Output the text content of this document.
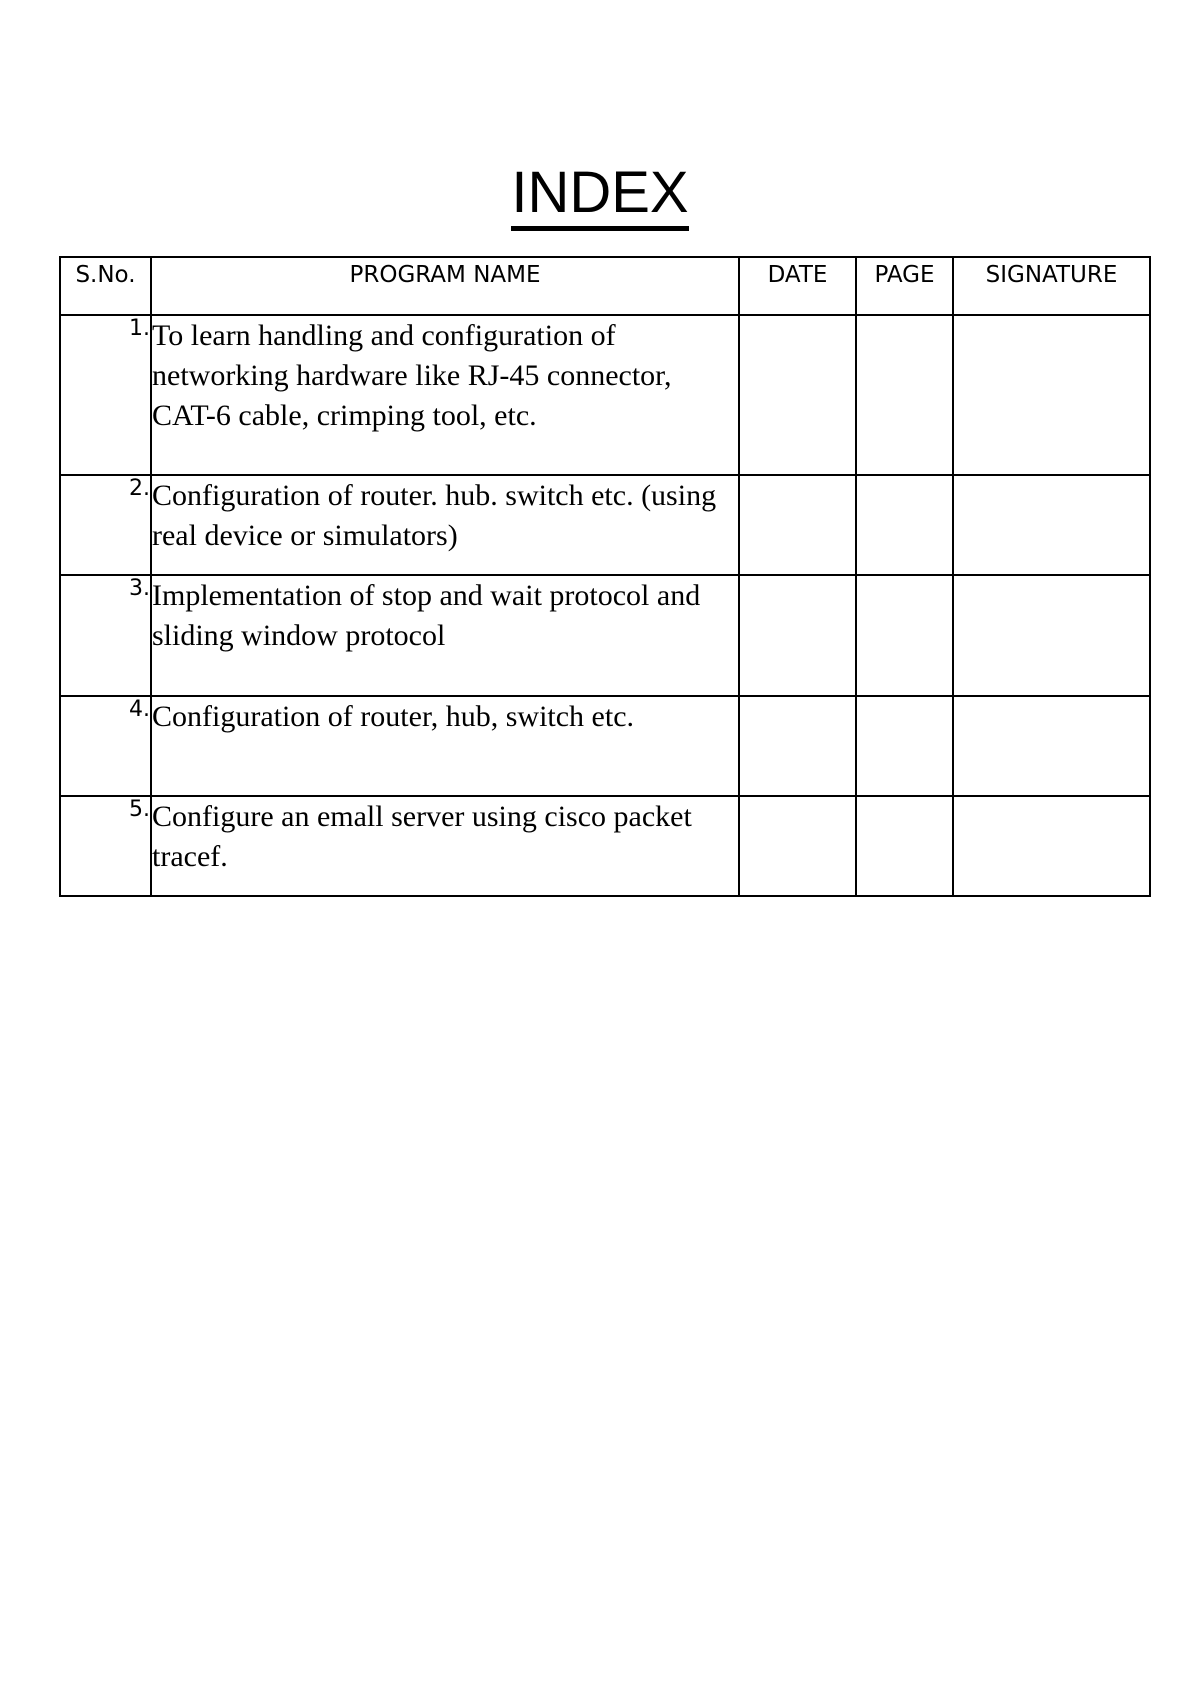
INDEX
S.No.	PROGRAM NAME	DATE	PAGE	SIGNATURE
1.	To learn handling and configuration of networking hardware like RJ-45 connector, CAT-6 cable, crimping tool, etc.			
2.	Configuration of router. hub. switch etc. (using real device or simulators)			
3.	Implementation of stop and wait protocol and sliding window protocol			
4.	Configuration of router, hub, switch etc.			
5.	Configure an emall server using cisco packet tracef.			
